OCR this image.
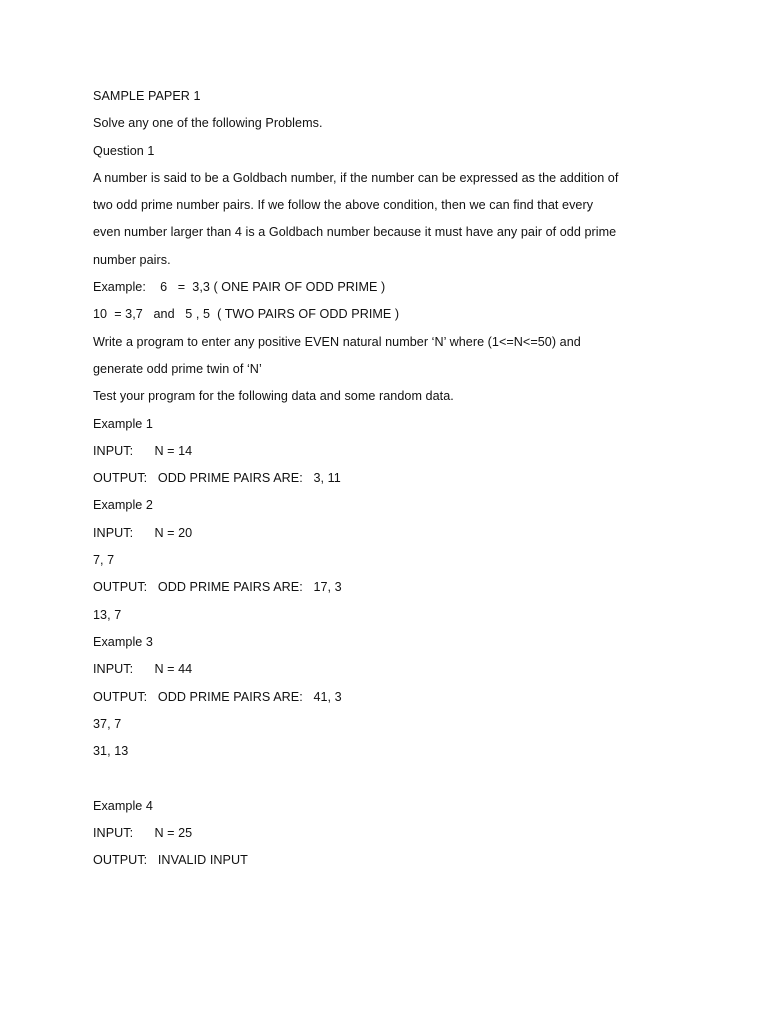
SAMPLE PAPER 1
Solve any one of the following Problems.
Question 1
A number is said to be a Goldbach number, if the number can be expressed as the addition of
two odd prime number pairs. If we follow the above condition, then we can find that every
even number larger than 4 is a Goldbach number because it must have any pair of odd prime
number pairs.
Example:    6   =  3,3 ( ONE PAIR OF ODD PRIME )
10  = 3,7   and   5 , 5  ( TWO PAIRS OF ODD PRIME )
Write a program to enter any positive EVEN natural number ‘N’ where (1<=N<=50) and
generate odd prime twin of ‘N’
Test your program for the following data and some random data.
Example 1
INPUT:      N = 14
OUTPUT:   ODD PRIME PAIRS ARE:   3, 11
Example 2
INPUT:      N = 20
7, 7
OUTPUT:   ODD PRIME PAIRS ARE:   17, 3
13, 7
Example 3
INPUT:      N = 44
OUTPUT:   ODD PRIME PAIRS ARE:   41, 3
37, 7
31, 13
Example 4
INPUT:      N = 25
OUTPUT:   INVALID INPUT
